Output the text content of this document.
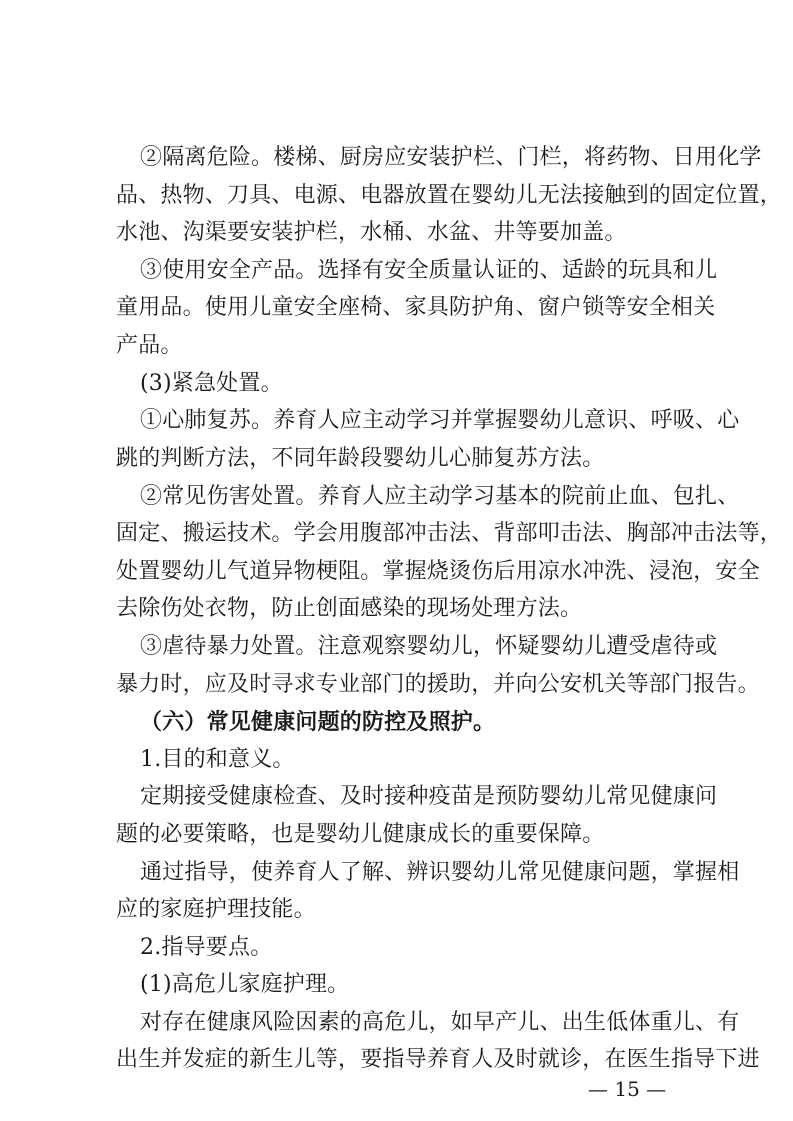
②隔离危险。楼梯、厨房应安装护栏、门栏，将药物、日用化学
品、热物、刀具、电源、电器放置在婴幼儿无法接触到的固定位置，
水池、沟渠要安装护栏，水桶、水盆、井等要加盖。
③使用安全产品。选择有安全质量认证的、适龄的玩具和儿
童用品。使用儿童安全座椅、家具防护角、窗户锁等安全相关
产品。
(3)紧急处置。
①心肺复苏。养育人应主动学习并掌握婴幼儿意识、呼吸、心
跳的判断方法，不同年龄段婴幼儿心肺复苏方法。
②常见伤害处置。养育人应主动学习基本的院前止血、包扎、
固定、搬运技术。学会用腹部冲击法、背部叩击法、胸部冲击法等，
处置婴幼儿气道异物梗阻。掌握烧烫伤后用凉水冲洗、浸泡，安全
去除伤处衣物，防止创面感染的现场处理方法。
③虐待暴力处置。注意观察婴幼儿，怀疑婴幼儿遭受虐待或
暴力时，应及时寻求专业部门的援助，并向公安机关等部门报告。
（六）常见健康问题的防控及照护。
1.目的和意义。
定期接受健康检查、及时接种疫苗是预防婴幼儿常见健康问
题的必要策略，也是婴幼儿健康成长的重要保障。
通过指导，使养育人了解、辨识婴幼儿常见健康问题，掌握相
应的家庭护理技能。
2.指导要点。
(1)高危儿家庭护理。
对存在健康风险因素的高危儿，如早产儿、出生低体重儿、有
出生并发症的新生儿等，要指导养育人及时就诊，在医生指导下进
— 15 —
